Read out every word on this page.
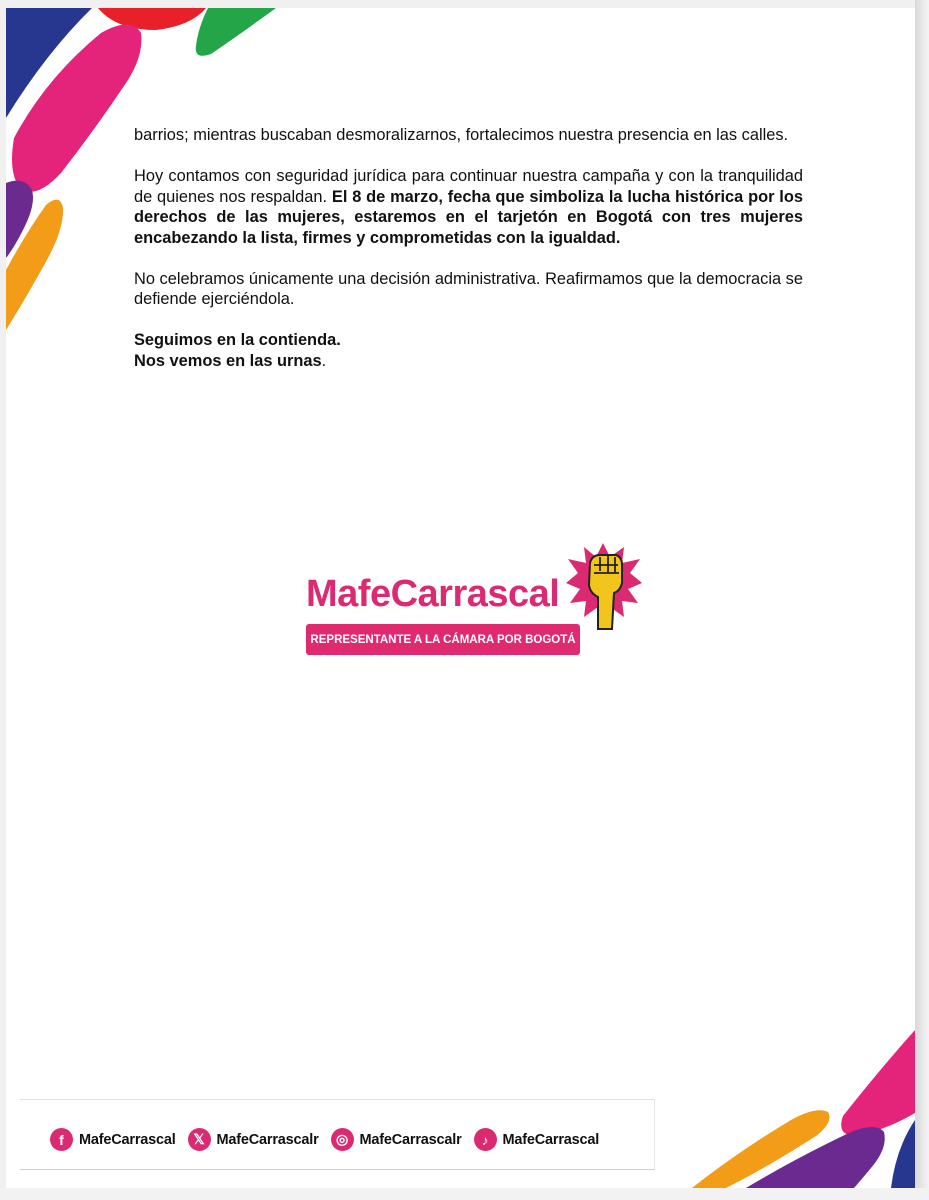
barrios; mientras buscaban desmoralizarnos, fortalecimos nuestra presencia en las calles.

Hoy contamos con seguridad jurídica para continuar nuestra campaña y con la tranquilidad de quienes nos respaldan. El 8 de marzo, fecha que simboliza la lucha histórica por los derechos de las mujeres, estaremos en el tarjetón en Bogotá con tres mujeres encabezando la lista, firmes y comprometidas con la igualdad.

No celebramos únicamente una decisión administrativa. Reafirmamos que la democracia se defiende ejerciéndola.

Seguimos en la contienda.
Nos vemos en las urnas.

MafeCarrascal
REPRESENTANTE A LA CÁMARA POR BOGOTÁ
f	MafeCarrascal	𝕏 MafeCarrascalr	◎ MafeCarrascalr	♪ MafeCarrascal
